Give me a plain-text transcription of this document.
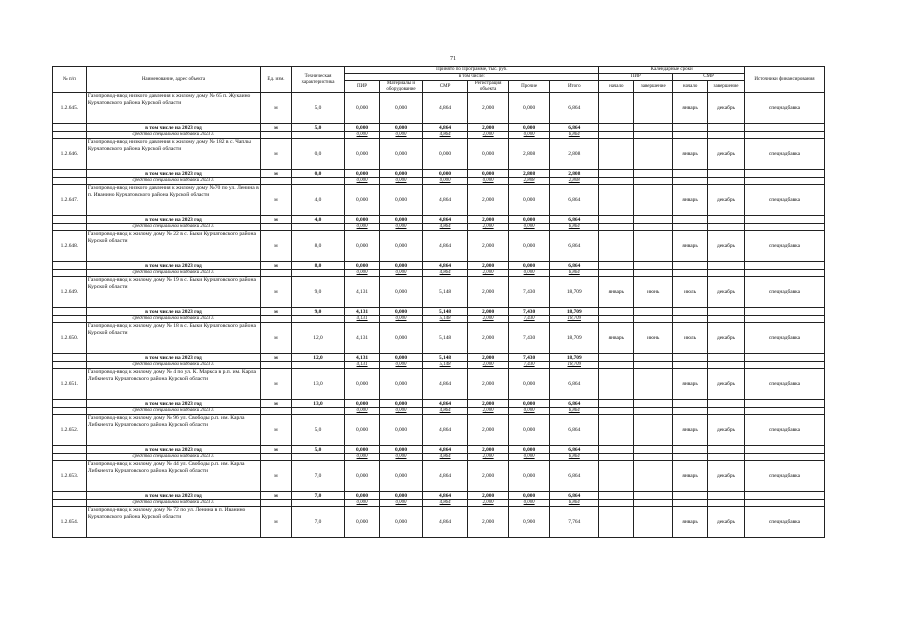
71
№ п/п	Наименование, адрес объекта	Ед. изм.	Техническая характеристика	Принято по Программе, тыс. руб.						Календарные сроки				Источники финансирования
				в том числе:						ПИР		СМР		
				ПИР	Материалы и оборудование	СМР	Регистрация объекта	Прочие	Итого	начало	завершение	начало	завершение	
1.2.645.	Газопровод-ввод низкого давления к жилому дому № 65 п. Жукаино Курчатовского района Курской области	м	5,0	0,000	0,000	4,864	2,000	0,000	6,864			январь	декабрь	спецнадбавка
	в том числе на 2023 год	м	5,0	0,000	0,000	4,864	2,000	0,000	6,864					
	средства специальной надбавки 2023 г.			0,000	0,000	4,864	2,000	0,000	6,864					
1.2.646.	Газопровод-ввод низкого давления к жилому дому № 182 в с. Чаплы Курчатовского района Курской области	м	0,0	0,000	0,000	0,000	0,000	2,808	2,808			январь	декабрь	спецнадбавка
	в том числе на 2023 год	м	0,0	0,000	0,000	0,000	0,000	2,808	2,808					
	средства специальной надбавки 2023 г.			0,000	0,000	0,000	0,000	2,808	2,808					
1.2.647.	Газопровод-ввод низкого давления к жилому дому №70 по ул. Ленина в п. Иванино Курчатовского района Курской области	м	4,0	0,000	0,000	4,864	2,000	0,000	6,864			январь	декабрь	спецнадбавка
	в том числе на 2023 год	м	4,0	0,000	0,000	4,864	2,000	0,000	6,864					
	средства специальной надбавки 2023 г.			0,000	0,000	4,864	2,000	0,000	6,864					
1.2.648.	Газопровод-ввод к жилому дому № 22 в с. Быки Курчатовского района Курской области	м	8,0	0,000	0,000	4,864	2,000	0,000	6,864			январь	декабрь	спецнадбавка
	в том числе на 2023 год	м	8,0	0,000	0,000	4,864	2,000	0,000	6,864					
	средства специальной надбавки 2023 г.			0,000	0,000	4,864	2,000	0,000	6,864					
1.2.649.	Газопровод-ввод к жилому дому № 19 в с. Быки Курчатовского района Курской области	м	9,0	4,131	0,000	5,148	2,000	7,430	18,709	январь	июнь	июль	декабрь	спецнадбавка
	в том числе на 2023 год	м	9,0	4,131	0,000	5,148	2,000	7,430	18,709					
	средства специальной надбавки 2023 г.			4,131	0,000	5,148	2,000	7,430	18,709					
1.2.650.	Газопровод-ввод к жилому дому № 18 в с. Быки Курчатовского района Курской области	м	12,0	4,131	0,000	5,148	2,000	7,430	18,709	январь	июнь	июль	декабрь	спецнадбавка
	в том числе на 2023 год	м	12,0	4,131	0,000	5,148	2,000	7,430	18,709					
	средства специальной надбавки 2023 г.			4,131	0,000	5,148	2,000	7,430	18,709					
1.2.651.	Газопровод-ввод к жилому дому № 4 по ул. К. Маркса в р.п. им. Карла Либкнехта Курчатовского района Курской области	м	13,0	0,000	0,000	4,864	2,000	0,000	6,864			январь	декабрь	спецнадбавка
	в том числе на 2023 год	м	13,0	0,000	0,000	4,864	2,000	0,000	6,864					
	средства специальной надбавки 2023 г.			0,000	0,000	4,864	2,000	0,000	6,864					
1.2.652.	Газопровод-ввод к жилому дому № 96 ул. Свободы р.п. им. Карла Либкнехта Курчатовского района Курской области	м	5,0	0,000	0,000	4,864	2,000	0,000	6,864			январь	декабрь	спецнадбавка
	в том числе на 2023 год	м	5,0	0,000	0,000	4,864	2,000	0,000	6,864					
	средства специальной надбавки 2023 г.			0,000	0,000	4,864	2,000	0,000	6,864					
1.2.653.	Газопровод-ввод к жилому дому № 44 ул. Свободы р.п. им. Карла Либкнехта Курчатовского района Курской области	м	7,0	0,000	0,000	4,864	2,000	0,000	6,864			январь	декабрь	спецнадбавка
	в том числе на 2023 год	м	7,0	0,000	0,000	4,864	2,000	0,000	6,864					
	средства специальной надбавки 2023 г.			0,000	0,000	4,864	2,000	0,000	6,864					
1.2.654.	Газопровод-ввод к жилому дому № 72 по ул. Ленина в п. Иванино Курчатовского района Курской области	м	7,0	0,000	0,000	4,864	2,000	0,900	7,764			январь	декабрь	спецнадбавка
